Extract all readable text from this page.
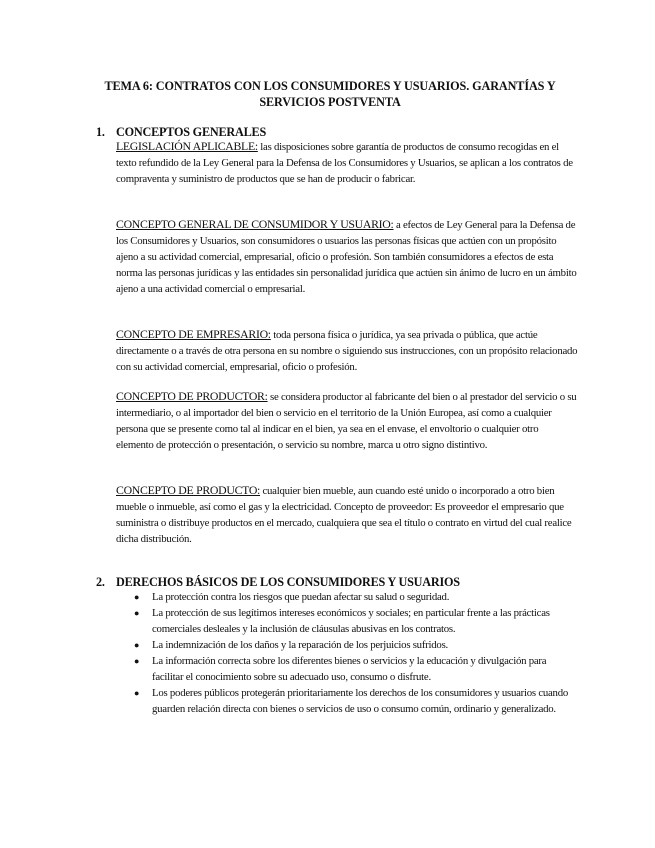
TEMA 6: CONTRATOS CON LOS CONSUMIDORES Y USUARIOS. GARANTÍAS Y SERVICIOS POSTVENTA
1. CONCEPTOS GENERALES

LEGISLACIÓN APLICABLE: las disposiciones sobre garantía de productos de consumo recogidas en el texto refundido de la Ley General para la Defensa de los Consumidores y Usuarios, se aplican a los contratos de compraventa y suministro de productos que se han de producir o fabricar.

CONCEPTO GENERAL DE CONSUMIDOR Y USUARIO: a efectos de Ley General para la Defensa de los Consumidores y Usuarios, son consumidores o usuarios las personas físicas que actúen con un propósito ajeno a su actividad comercial, empresarial, oficio o profesión. Son también consumidores a efectos de esta norma las personas jurídicas y las entidades sin personalidad jurídica que actúen sin ánimo de lucro en un ámbito ajeno a una actividad comercial o empresarial.

CONCEPTO DE EMPRESARIO: toda persona física o jurídica, ya sea privada o pública, que actúe directamente o a través de otra persona en su nombre o siguiendo sus instrucciones, con un propósito relacionado con su actividad comercial, empresarial, oficio o profesión.

CONCEPTO DE PRODUCTOR: se considera productor al fabricante del bien o al prestador del servicio o su intermediario, o al importador del bien o servicio en el territorio de la Unión Europea, así como a cualquier persona que se presente como tal al indicar en el bien, ya sea en el envase, el envoltorio o cualquier otro elemento de protección o presentación, o servicio su nombre, marca u otro signo distintivo.

CONCEPTO DE PRODUCTO: cualquier bien mueble, aun cuando esté unido o incorporado a otro bien mueble o inmueble, así como el gas y la electricidad. Concepto de proveedor: Es proveedor el empresario que suministra o distribuye productos en el mercado, cualquiera que sea el título o contrato en virtud del cual realice dicha distribución.

2. DERECHOS BÁSICOS DE LOS CONSUMIDORES Y USUARIOS
● La protección contra los riesgos que puedan afectar su salud o seguridad.
● La protección de sus legítimos intereses económicos y sociales; en particular frente a las prácticas comerciales desleales y la inclusión de cláusulas abusivas en los contratos.
● La indemnización de los daños y la reparación de los perjuicios sufridos.
● La información correcta sobre los diferentes bienes o servicios y la educación y divulgación para facilitar el conocimiento sobre su adecuado uso, consumo o disfrute.
● Los poderes públicos protegerán prioritariamente los derechos de los consumidores y usuarios cuando guarden relación directa con bienes o servicios de uso o consumo común, ordinario y generalizado.
